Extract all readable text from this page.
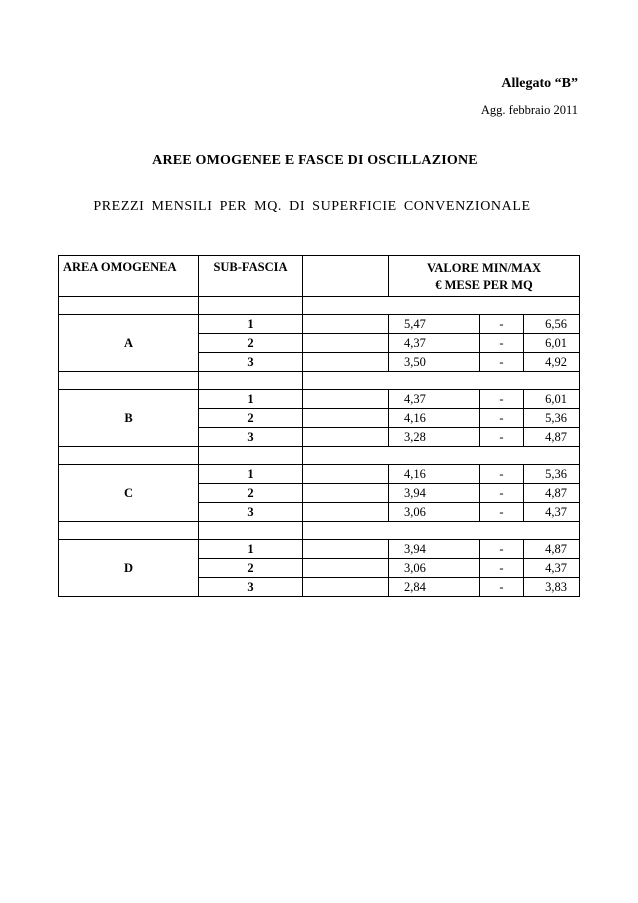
Allegato “B”
Agg. febbraio 2011
AREE OMOGENEE E FASCE DI OSCILLAZIONE
PREZZI MENSILI PER MQ. DI SUPERFICIE CONVENZIONALE
AREA OMOGENEA	SUB-FASCIA		VALORE MIN/MAX
€ MESE PER MQ		

A	1		5,47	-	6,56
	2		4,37	-	6,01
	3		3,50	-	4,92

B	1		4,37	-	6,01
	2		4,16	-	5,36
	3		3,28	-	4,87

C	1		4,16	-	5,36
	2		3,94	-	4,87
	3		3,06	-	4,37

D	1		3,94	-	4,87
	2		3,06	-	4,37
	3		2,84	-	3,83
